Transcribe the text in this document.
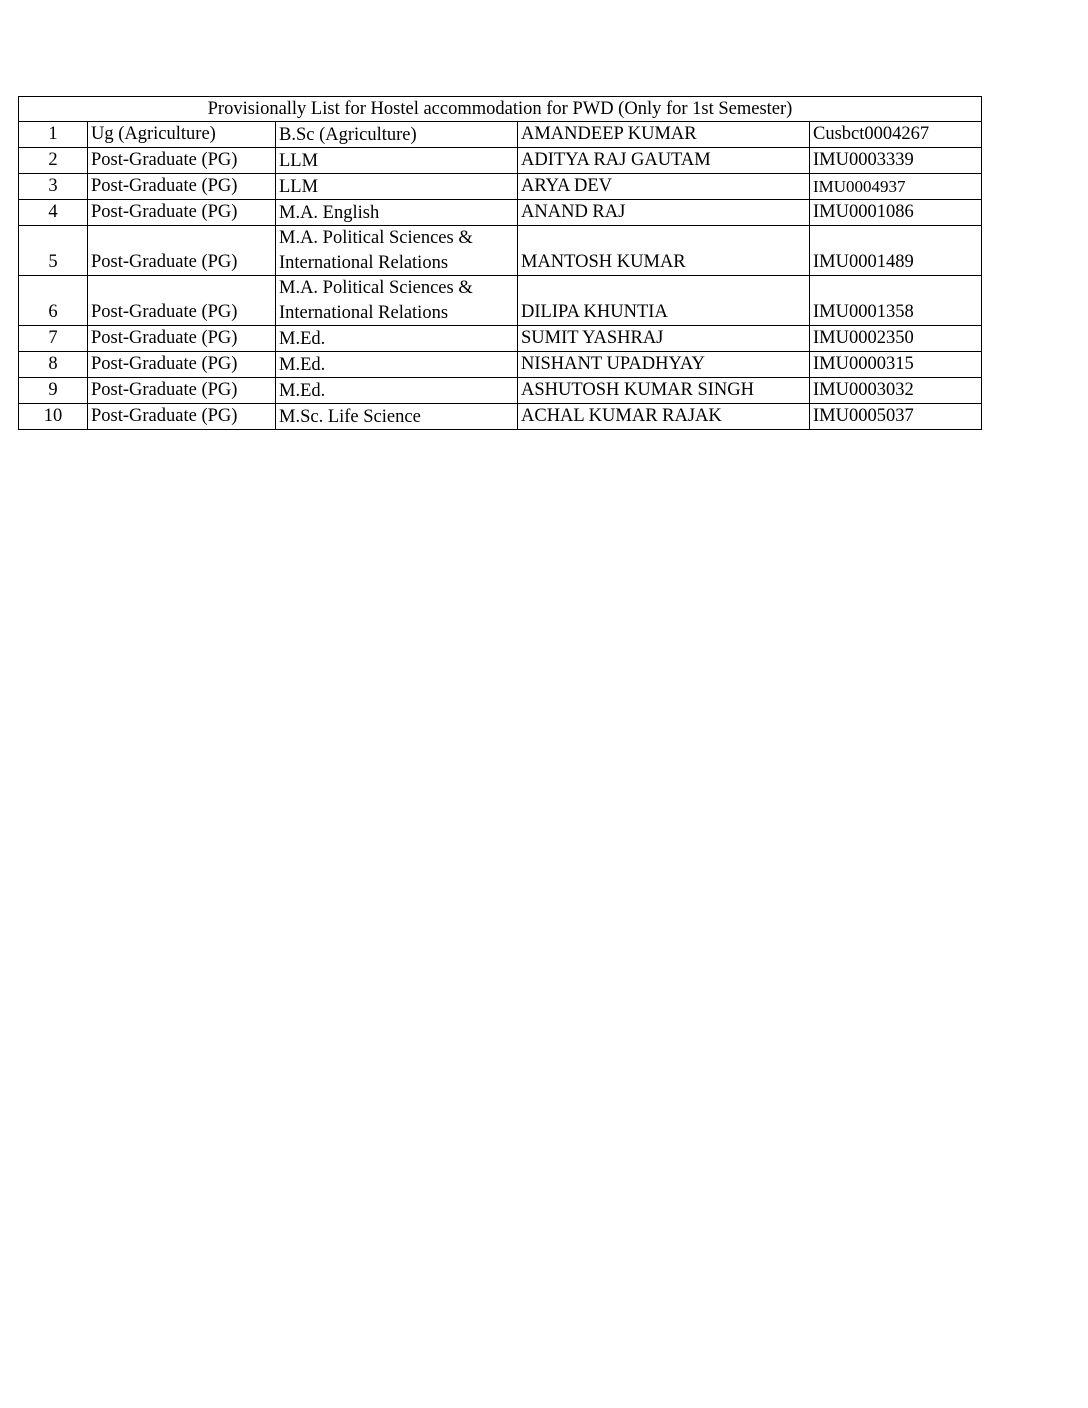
Provisionally List for Hostel accommodation for PWD (Only for 1st Semester)				
1	Ug (Agriculture)	B.Sc (Agriculture)	AMANDEEP KUMAR	Cusbct0004267
2	Post-Graduate (PG)	LLM	ADITYA RAJ GAUTAM	IMU0003339
3	Post-Graduate (PG)	LLM	ARYA DEV	IMU0004937
4	Post-Graduate (PG)	M.A. English	ANAND RAJ	IMU0001086
5	Post-Graduate (PG)	M.A. Political Sciences & International Relations	MANTOSH KUMAR	IMU0001489
6	Post-Graduate (PG)	M.A. Political Sciences & International Relations	DILIPA KHUNTIA	IMU0001358
7	Post-Graduate (PG)	M.Ed.	SUMIT YASHRAJ	IMU0002350
8	Post-Graduate (PG)	M.Ed.	NISHANT UPADHYAY	IMU0000315
9	Post-Graduate (PG)	M.Ed.	ASHUTOSH KUMAR SINGH	IMU0003032
10	Post-Graduate (PG)	M.Sc. Life Science	ACHAL KUMAR RAJAK	IMU0005037
